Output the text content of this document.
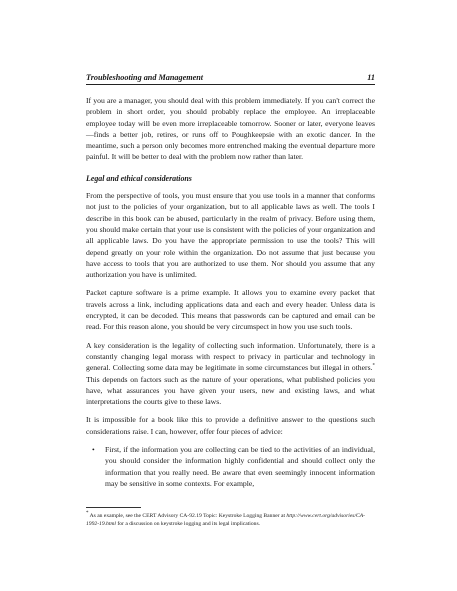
Troubleshooting and Management	11

If you are a manager, you should deal with this problem immediately. If you can't correct the problem in short order, you should probably replace the employee. An irreplaceable employee today will be even more irreplaceable tomorrow. Sooner or later, everyone leaves—finds a better job, retires, or runs off to Poughkeepsie with an exotic dancer. In the meantime, such a person only becomes more entrenched making the eventual departure more painful. It will be better to deal with the problem now rather than later.

Legal and ethical considerations

From the perspective of tools, you must ensure that you use tools in a manner that conforms not just to the policies of your organization, but to all applicable laws as well. The tools I describe in this book can be abused, particularly in the realm of privacy. Before using them, you should make certain that your use is consistent with the policies of your organization and all applicable laws. Do you have the appropriate permission to use the tools? This will depend greatly on your role within the organization. Do not assume that just because you have access to tools that you are authorized to use them. Nor should you assume that any authorization you have is unlimited.

Packet capture software is a prime example. It allows you to examine every packet that travels across a link, including applications data and each and every header. Unless data is encrypted, it can be decoded. This means that passwords can be captured and email can be read. For this reason alone, you should be very circumspect in how you use such tools.

A key consideration is the legality of collecting such information. Unfortunately, there is a constantly changing legal morass with respect to privacy in particular and technology in general. Collecting some data may be legitimate in some circumstances but illegal in others.* This depends on factors such as the nature of your operations, what published policies you have, what assurances you have given your users, new and existing laws, and what interpretations the courts give to these laws.

It is impossible for a book like this to provide a definitive answer to the questions such considerations raise. I can, however, offer four pieces of advice:

• First, if the information you are collecting can be tied to the activities of an individual, you should consider the information highly confidential and should collect only the information that you really need. Be aware that even seemingly innocent information may be sensitive in some contexts. For example,
* As an example, see the CERT Advisory CA-92.19 Topic: Keystroke Logging Banner at http://www.cert.org/advisories/CA-1992-19.html for a discussion on keystroke logging and its legal implications.
